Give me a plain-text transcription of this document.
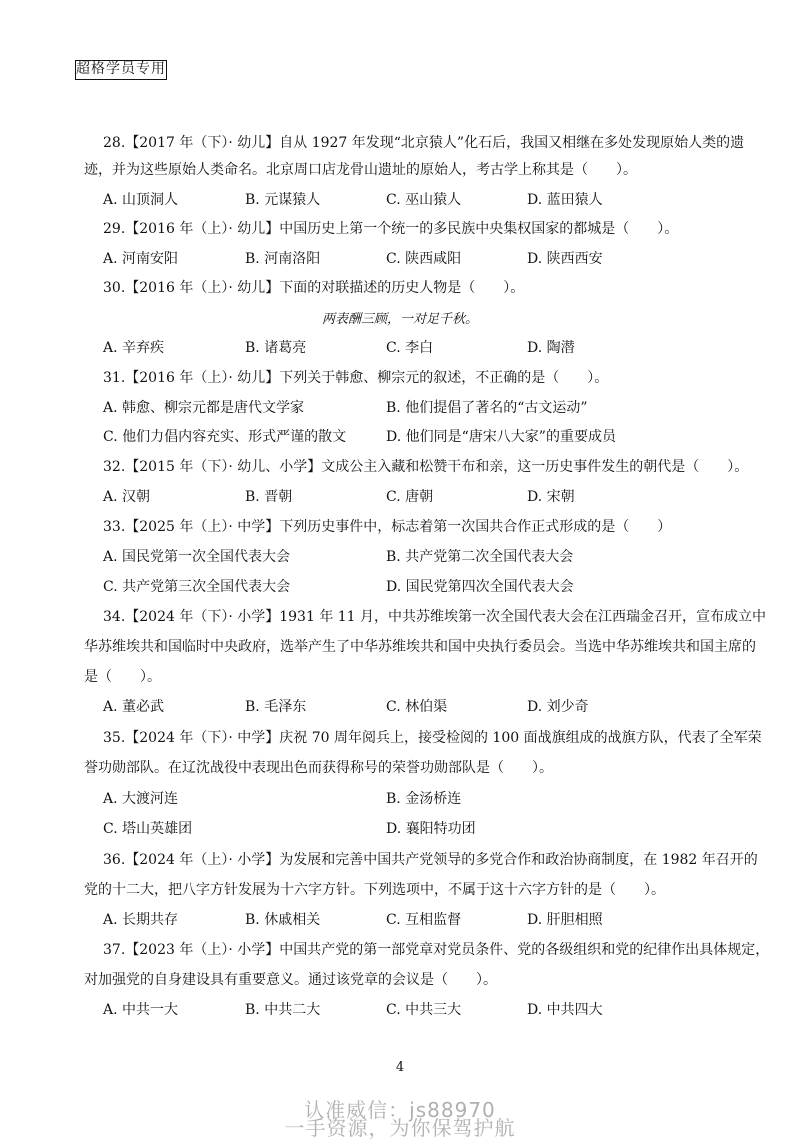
超格学员专用
28.【2017 年（下）· 幼儿】自从 1927 年发现“北京猿人”化石后，我国又相继在多处发现原始人类的遗
迹，并为这些原始人类命名。北京周口店龙骨山遗址的原始人，考古学上称其是（　　）。
A. 山顶洞人	B. 元谋猿人	C. 巫山猿人	D. 蓝田猿人
29.【2016 年（上）· 幼儿】中国历史上第一个统一的多民族中央集权国家的都城是（　　）。
A. 河南安阳	B. 河南洛阳	C. 陕西咸阳	D. 陕西西安
30.【2016 年（上）· 幼儿】下面的对联描述的历史人物是（　　）。
两表酬三顾，一对足千秋。
A. 辛弃疾	B. 诸葛亮	C. 李白	D. 陶潜
31.【2016 年（上）· 幼儿】下列关于韩愈、柳宗元的叙述，不正确的是（　　）。
A. 韩愈、柳宗元都是唐代文学家	B. 他们提倡了著名的“古文运动”
C. 他们力倡内容充实、形式严谨的散文	D. 他们同是“唐宋八大家”的重要成员
32.【2015 年（下）· 幼儿、小学】文成公主入藏和松赞干布和亲，这一历史事件发生的朝代是（　　）。
A. 汉朝	B. 晋朝	C. 唐朝	D. 宋朝
33.【2025 年（上）· 中学】下列历史事件中，标志着第一次国共合作正式形成的是（　　）
A. 国民党第一次全国代表大会	B. 共产党第二次全国代表大会
C. 共产党第三次全国代表大会	D. 国民党第四次全国代表大会
34.【2024 年（下）· 小学】1931 年 11 月，中共苏维埃第一次全国代表大会在江西瑞金召开，宣布成立中
华苏维埃共和国临时中央政府，选举产生了中华苏维埃共和国中央执行委员会。当选中华苏维埃共和国主席的
是（　　）。
A. 董必武	B. 毛泽东	C. 林伯渠	D. 刘少奇
35.【2024 年（下）· 中学】庆祝 70 周年阅兵上，接受检阅的 100 面战旗组成的战旗方队，代表了全军荣
誉功勋部队。在辽沈战役中表现出色而获得称号的荣誉功勋部队是（　　）。
A. 大渡河连	B. 金汤桥连
C. 塔山英雄团	D. 襄阳特功团
36.【2024 年（上）· 小学】为发展和完善中国共产党领导的多党合作和政治协商制度，在 1982 年召开的
党的十二大，把八字方针发展为十六字方针。下列选项中，不属于这十六字方针的是（　　）。
A. 长期共存	B. 休戚相关	C. 互相监督	D. 肝胆相照
37.【2023 年（上）· 小学】中国共产党的第一部党章对党员条件、党的各级组织和党的纪律作出具体规定，
对加强党的自身建设具有重要意义。通过该党章的会议是（　　）。
A. 中共一大	B. 中共二大	C. 中共三大	D. 中共四大
4
认准威信：js88970
一手资源，为你保驾护航
